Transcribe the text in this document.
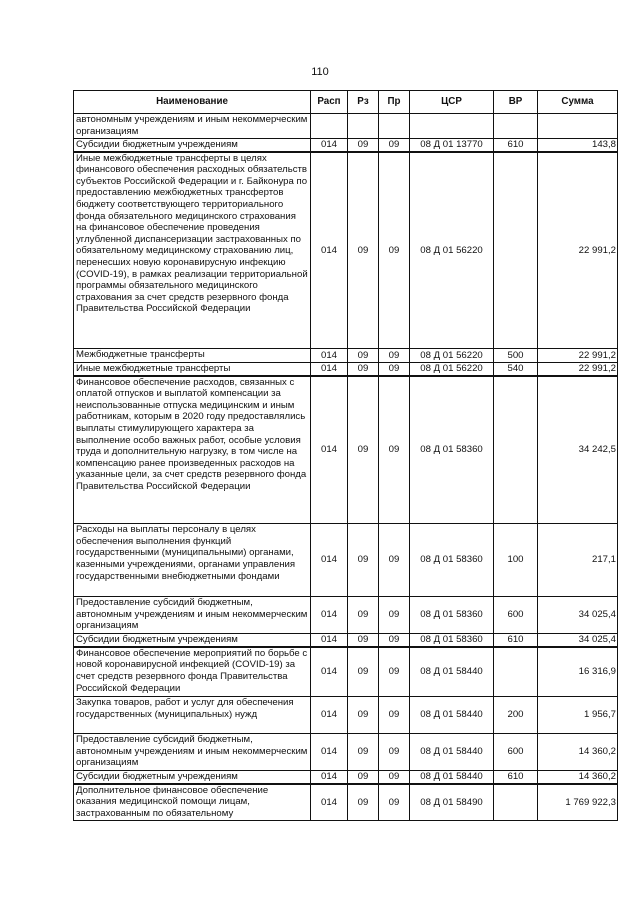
110
Наименование	Расп	Рз	Пр	ЦСР	ВР	Сумма
автономным учреждениям и иным некоммерческим организациям						
Субсидии бюджетным учреждениям	014	09	09	08 Д 01 13770	610	143,8
Иные межбюджетные трансферты в целях финансового обеспечения расходных обязательств субъектов Российской Федерации и г. Байконура по предоставлению межбюджетных трансфертов бюджету соответствующего территориального фонда обязательного медицинского страхования на финансовое обеспечение проведения углубленной диспансеризации застрахованных по обязательному медицинскому страхованию лиц, перенесших новую коронавирусную инфекцию (COVID-19), в рамках реализации территориальной программы обязательного медицинского страхования за счет средств резервного фонда Правительства Российской Федерации	014	09	09	08 Д 01 56220		22 991,2
Межбюджетные трансферты	014	09	09	08 Д 01 56220	500	22 991,2
Иные межбюджетные трансферты	014	09	09	08 Д 01 56220	540	22 991,2
Финансовое обеспечение расходов, связанных с оплатой отпусков и выплатой компенсации за неиспользованные отпуска медицинским и иным работникам, которым в 2020 году предоставлялись выплаты стимулирующего характера за выполнение особо важных работ, особые условия труда и дополнительную нагрузку, в том числе на компенсацию ранее произведенных расходов на указанные цели, за счет средств резервного фонда Правительства Российской Федерации	014	09	09	08 Д 01 58360		34 242,5
Расходы на выплаты персоналу в целях обеспечения выполнения функций государственными (муниципальными) органами, казенными учреждениями, органами управления государственными внебюджетными фондами	014	09	09	08 Д 01 58360	100	217,1
Предоставление субсидий бюджетным, автономным учреждениям и иным некоммерческим организациям	014	09	09	08 Д 01 58360	600	34 025,4
Субсидии бюджетным учреждениям	014	09	09	08 Д 01 58360	610	34 025,4
Финансовое обеспечение мероприятий по борьбе с новой коронавирусной инфекцией (COVID-19) за счет средств резервного фонда Правительства Российской Федерации	014	09	09	08 Д 01 58440		16 316,9
Закупка товаров, работ и услуг для обеспечения государственных (муниципальных) нужд	014	09	09	08 Д 01 58440	200	1 956,7
Предоставление субсидий бюджетным, автономным учреждениям и иным некоммерческим организациям	014	09	09	08 Д 01 58440	600	14 360,2
Субсидии бюджетным учреждениям	014	09	09	08 Д 01 58440	610	14 360,2
Дополнительное финансовое обеспечение оказания медицинской помощи лицам, застрахованным по обязательному	014	09	09	08 Д 01 58490		1 769 922,3
